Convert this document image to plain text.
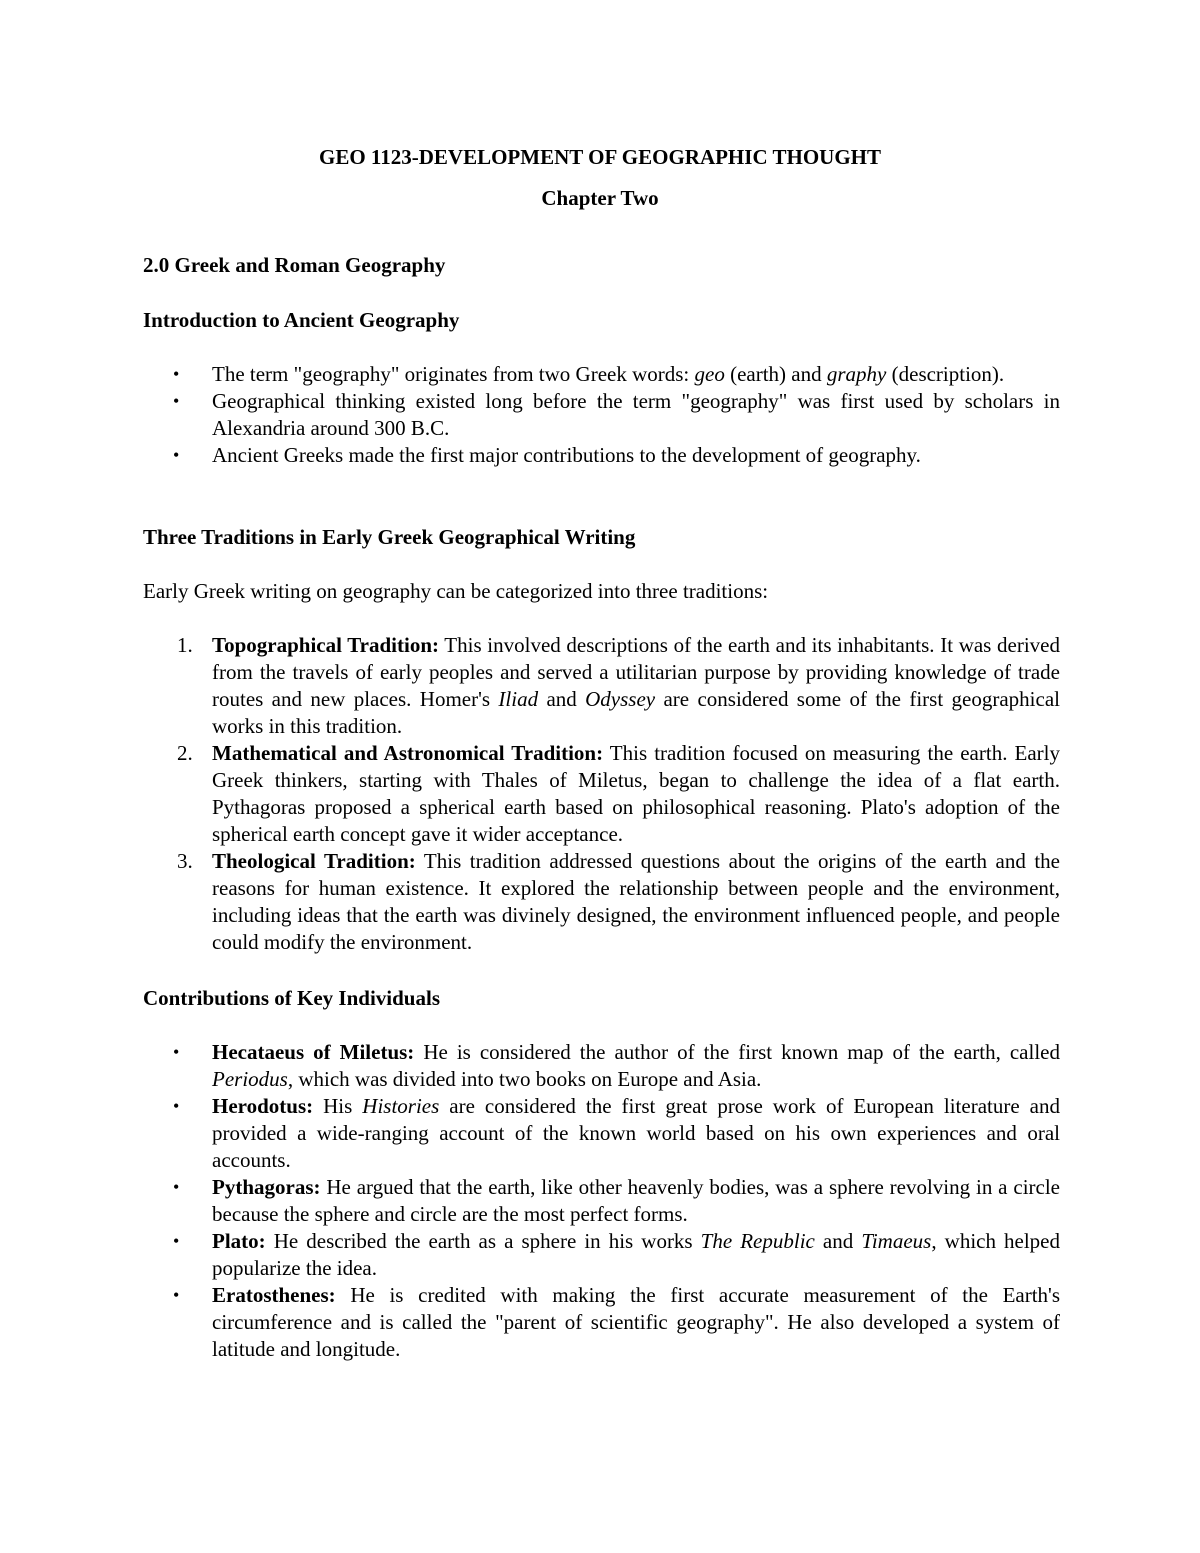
GEO 1123-DEVELOPMENT OF GEOGRAPHIC THOUGHT
Chapter Two
2.0 Greek and Roman Geography
Introduction to Ancient Geography
• The term "geography" originates from two Greek words: geo (earth) and graphy (description).
• Geographical thinking existed long before the term "geography" was first used by scholars in Alexandria around 300 B.C.
• Ancient Greeks made the first major contributions to the development of geography.
Three Traditions in Early Greek Geographical Writing
Early Greek writing on geography can be categorized into three traditions:
1. Topographical Tradition: This involved descriptions of the earth and its inhabitants. It was derived from the travels of early peoples and served a utilitarian purpose by providing knowledge of trade routes and new places. Homer's Iliad and Odyssey are considered some of the first geographical works in this tradition.
2. Mathematical and Astronomical Tradition: This tradition focused on measuring the earth. Early Greek thinkers, starting with Thales of Miletus, began to challenge the idea of a flat earth. Pythagoras proposed a spherical earth based on philosophical reasoning. Plato's adoption of the spherical earth concept gave it wider acceptance.
3. Theological Tradition: This tradition addressed questions about the origins of the earth and the reasons for human existence. It explored the relationship between people and the environment, including ideas that the earth was divinely designed, the environment influenced people, and people could modify the environment.
Contributions of Key Individuals
• Hecataeus of Miletus: He is considered the author of the first known map of the earth, called Periodus, which was divided into two books on Europe and Asia.
• Herodotus: His Histories are considered the first great prose work of European literature and provided a wide-ranging account of the known world based on his own experiences and oral accounts.
• Pythagoras: He argued that the earth, like other heavenly bodies, was a sphere revolving in a circle because the sphere and circle are the most perfect forms.
• Plato: He described the earth as a sphere in his works The Republic and Timaeus, which helped popularize the idea.
• Eratosthenes: He is credited with making the first accurate measurement of the Earth's circumference and is called the "parent of scientific geography". He also developed a system of latitude and longitude.
